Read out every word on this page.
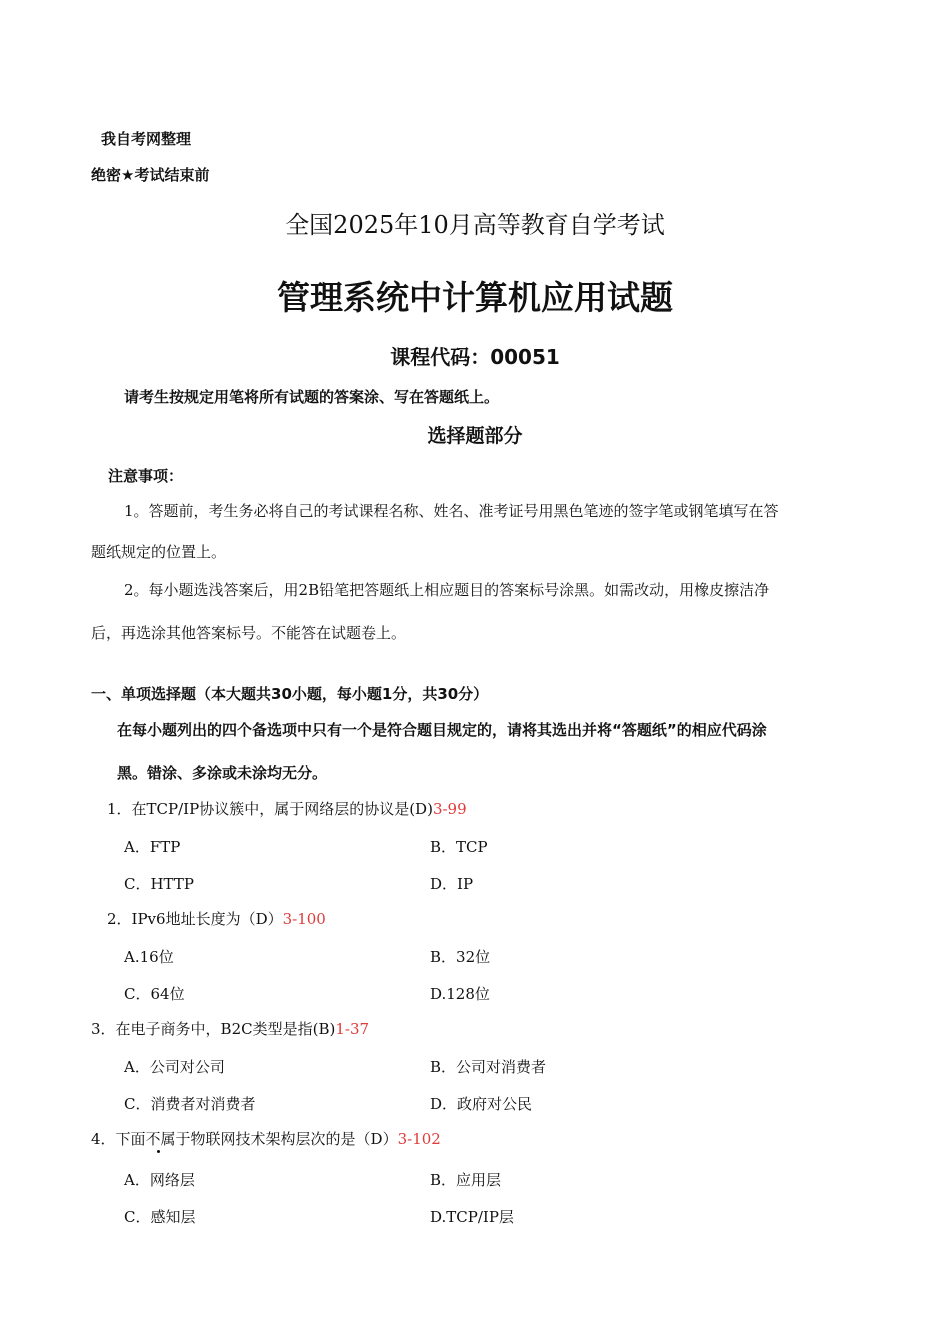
我自考网整理
绝密★考试结束前
全国2025年10月高等教育自学考试
管理系统中计算机应用试题
课程代码：00051
请考生按规定用笔将所有试题的答案涂、写在答题纸上。
选择题部分
注意事项：
1。答题前，考生务必将自己的考试课程名称、姓名、准考证号用黑色笔迹的签字笔或钢笔填写在答
题纸规定的位置上。
2。每小题选浅答案后，用2B铅笔把答题纸上相应题目的答案标号涂黑。如需改动，用橡皮擦洁净
后，再选涂其他答案标号。不能答在试题卷上。
一、单项选择题（本大题共30小题，每小题1分，共30分）
在每小题列出的四个备选项中只有一个是符合题目规定的，请将其选出并将“答题纸”的相应代码涂
黑。错涂、多涂或未涂均无分。
1．在TCP/IP协议簇中，属于网络层的协议是(D)3-99
A．FTP	B．TCP
C．HTTP	D．IP
2．IPv6地址长度为（D）3-100
A.16位	B．32位
C．64位	D.128位
3．在电子商务中，B2C类型是指(B)1-37
A．公司对公司	B．公司对消费者
C．消费者对消费者	D．政府对公民
4．下面不属于物联网技术架构层次的是（D）3-102
A．网络层	B．应用层
C．感知层	D.TCP/IP层
